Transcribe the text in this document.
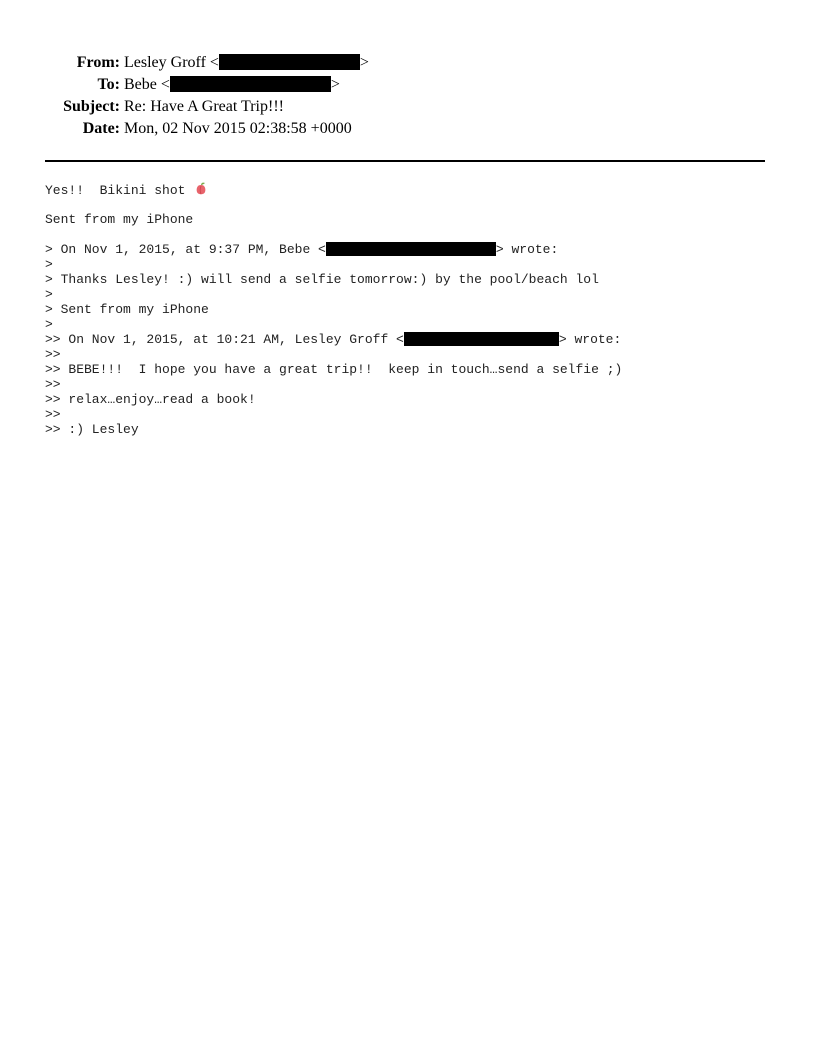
From: Lesley Groff <	>
To: Bebe <	>
Subject: Re: Have A Great Trip!!!
Date: Mon, 02 Nov 2015 02:38:58 +0000
Yes!!  Bikini shot
Sent from my iPhone
> On Nov 1, 2015, at 9:37 PM, Bebe <	> wrote:
>
> Thanks Lesley! :) will send a selfie tomorrow:) by the pool/beach lol
>
> Sent from my iPhone
>
>> On Nov 1, 2015, at 10:21 AM, Lesley Groff <	> wrote:
>>
>> BEBE!!!  I hope you have a great trip!!  keep in touch…send a selfie ;)
>>
>> relax…enjoy…read a book!
>>
>> :) Lesley
